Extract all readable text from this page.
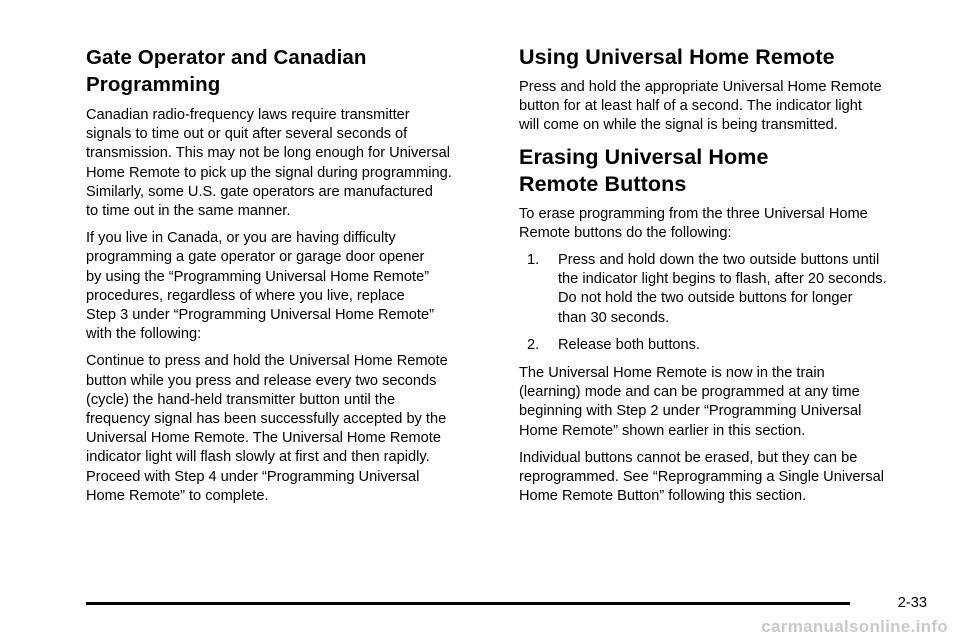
Gate Operator and Canadian
Programming

Canadian radio-frequency laws require transmitter
signals to time out or quit after several seconds of
transmission. This may not be long enough for Universal
Home Remote to pick up the signal during programming.
Similarly, some U.S. gate operators are manufactured
to time out in the same manner.

If you live in Canada, or you are having difficulty
programming a gate operator or garage door opener
by using the “Programming Universal Home Remote”
procedures, regardless of where you live, replace
Step 3 under “Programming Universal Home Remote”
with the following:

Continue to press and hold the Universal Home Remote
button while you press and release every two seconds
(cycle) the hand-held transmitter button until the
frequency signal has been successfully accepted by the
Universal Home Remote. The Universal Home Remote
indicator light will flash slowly at first and then rapidly.
Proceed with Step 4 under “Programming Universal
Home Remote” to complete.

Using Universal Home Remote

Press and hold the appropriate Universal Home Remote
button for at least half of a second. The indicator light
will come on while the signal is being transmitted.

Erasing Universal Home
Remote Buttons

To erase programming from the three Universal Home
Remote buttons do the following:

1.	Press and hold down the two outside buttons until
the indicator light begins to flash, after 20 seconds.
Do not hold the two outside buttons for longer
than 30 seconds.
2.	Release both buttons.

The Universal Home Remote is now in the train
(learning) mode and can be programmed at any time
beginning with Step 2 under “Programming Universal
Home Remote” shown earlier in this section.

Individual buttons cannot be erased, but they can be
reprogrammed. See “Reprogramming a Single Universal
Home Remote Button” following this section.

2-33
carmanualsonline.info
